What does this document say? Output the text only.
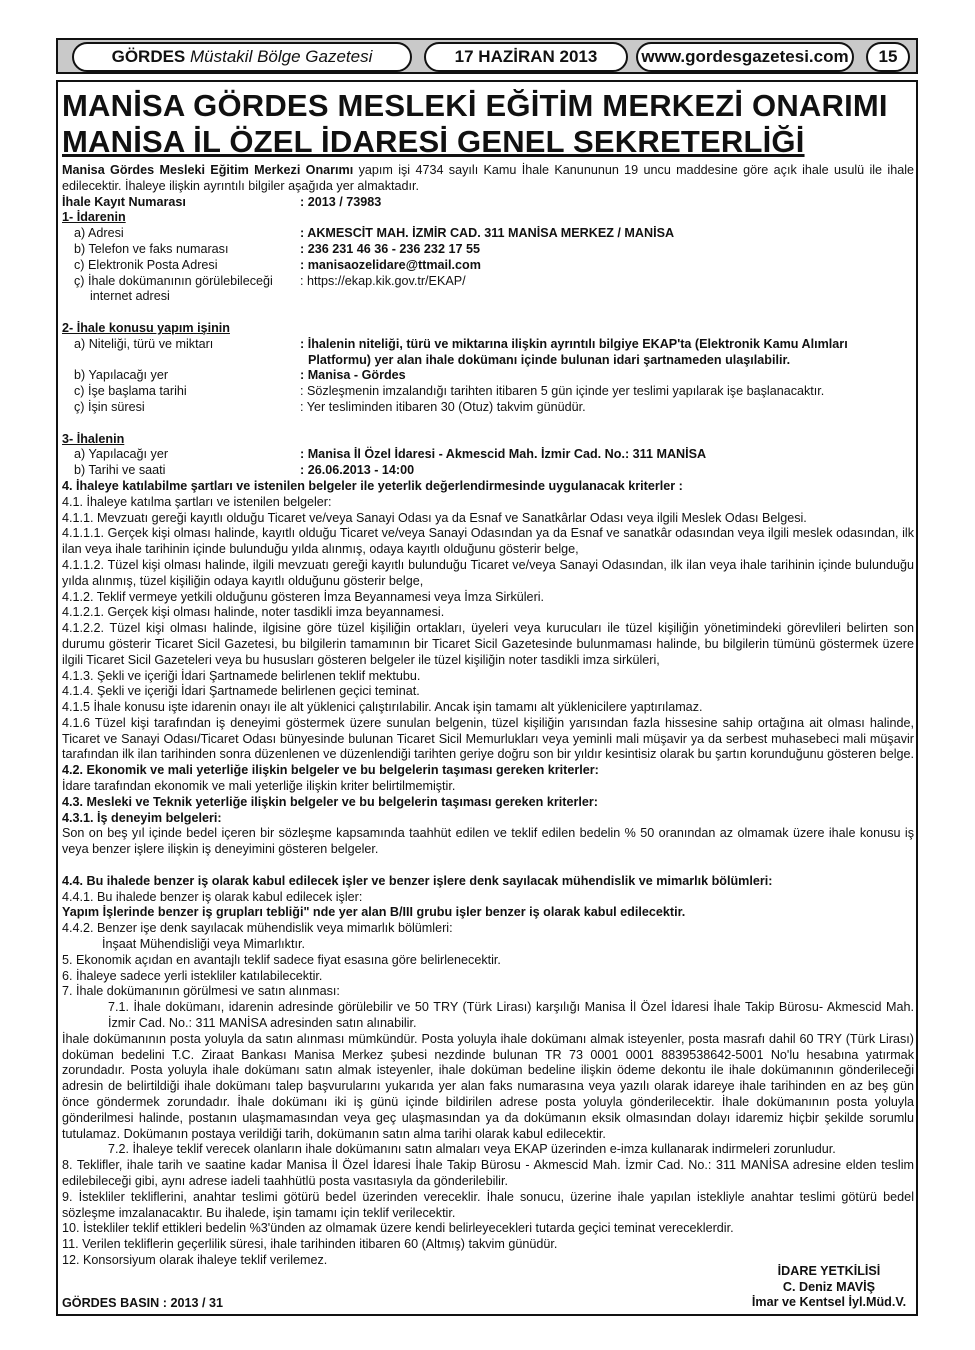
GÖRDES
Müstakil Bölge Gazetesi	17 HAZİRAN 2013	www.gordesgazetesi.com	15
MANİSA GÖRDES MESLEKİ EĞİTİM MERKEZİ ONARIMI
MANİSA İL ÖZEL İDARESİ GENEL SEKRETERLİĞİ

Manisa Gördes Mesleki Eğitim Merkezi Onarımı yapım işi 4734 sayılı Kamu İhale Kanununun 19 uncu maddesine göre açık ihale usulü ile ihale edilecektir. İhaleye ilişkin ayrıntılı bilgiler aşağıda yer almaktadır.

İhale Kayıt Numarası	: 2013 / 73983

1- İdarenin

a) Adresi	: AKMESCİT MAH. İZMİR CAD. 311 MANİSA MERKEZ / MANİSA
b) Telefon ve faks numarası	: 236 231 46 36 - 236 232 17 55
c) Elektronik Posta Adresi	: manisaozelidare@ttmail.com
ç) İhale dokümanının görülebileceği	: https://ekap.kik.gov.tr/EKAP/

internet adresi

2- İhale konusu yapım işinin

a) Niteliği, türü ve miktarı	: İhalenin niteliği, türü ve miktarına ilişkin ayrıntılı bilgiye EKAP'ta (Elektronik Kamu Alımları
Platformu) yer alan ihale dokümanı içinde bulunan idari şartnameden ulaşılabilir.
b) Yapılacağı yer	: Manisa - Gördes
c) İşe başlama tarihi	: Sözleşmenin imzalandığı tarihten itibaren 5 gün içinde yer teslimi yapılarak işe başlanacaktır.
ç) İşin süresi	: Yer tesliminden itibaren 30 (Otuz) takvim günüdür.

3- İhalenin

a) Yapılacağı yer	: Manisa İl Özel İdaresi - Akmescid Mah. İzmir Cad. No.: 311 MANİSA
b) Tarihi ve saati	: 26.06.2013 - 14:00

4. İhaleye katılabilme şartları ve istenilen belgeler ile yeterlik değerlendirmesinde uygulanacak kriterler :

4.1. İhaleye katılma şartları ve istenilen belgeler:

4.1.1. Mevzuatı gereği kayıtlı olduğu Ticaret ve/veya Sanayi Odası ya da Esnaf ve Sanatkârlar Odası veya ilgili Meslek Odası Belgesi.

4.1.1.1. Gerçek kişi olması halinde, kayıtlı olduğu Ticaret ve/veya Sanayi Odasından ya da Esnaf ve sanatkâr odasından veya ilgili meslek odasından, ilk ilan veya ihale tarihinin içinde bulunduğu yılda alınmış, odaya kayıtlı olduğunu gösterir belge,

4.1.1.2. Tüzel kişi olması halinde, ilgili mevzuatı gereği kayıtlı bulunduğu Ticaret ve/veya Sanayi Odasından, ilk ilan veya ihale tarihinin içinde bulunduğu yılda alınmış, tüzel kişiliğin odaya kayıtlı olduğunu gösterir belge,

4.1.2. Teklif vermeye yetkili olduğunu gösteren İmza Beyannamesi veya İmza Sirküleri.

4.1.2.1. Gerçek kişi olması halinde, noter tasdikli imza beyannamesi.

4.1.2.2. Tüzel kişi olması halinde, ilgisine göre tüzel kişiliğin ortakları, üyeleri veya kurucuları ile tüzel kişiliğin yönetimindeki görevlileri belirten son durumu gösterir Ticaret Sicil Gazetesi, bu bilgilerin tamamının bir Ticaret Sicil Gazetesinde bulunmaması halinde, bu bilgilerin tümünü göstermek üzere ilgili Ticaret Sicil Gazeteleri veya bu hususları gösteren belgeler ile tüzel kişiliğin noter tasdikli imza sirküleri,

4.1.3. Şekli ve içeriği İdari Şartnamede belirlenen teklif mektubu.

4.1.4. Şekli ve içeriği İdari Şartnamede belirlenen geçici teminat.

4.1.5 İhale konusu işte idarenin onayı ile alt yüklenici çalıştırılabilir. Ancak işin tamamı alt yüklenicilere yaptırılamaz.

4.1.6 Tüzel kişi tarafından iş deneyimi göstermek üzere sunulan belgenin, tüzel kişiliğin yarısından fazla hissesine sahip ortağına ait olması halinde, Ticaret ve Sanayi Odası/Ticaret Odası bünyesinde bulunan Ticaret Sicil Memurlukları veya yeminli mali müşavir ya da serbest muhasebeci mali müşavir tarafından ilk ilan tarihinden sonra düzenlenen ve düzenlendiği tarihten geriye doğru son bir yıldır kesintisiz olarak bu şartın korunduğunu gösteren belge.

4.2. Ekonomik ve mali yeterliğe ilişkin belgeler ve bu belgelerin taşıması gereken kriterler:

İdare tarafından ekonomik ve mali yeterliğe ilişkin kriter belirtilmemiştir.

4.3. Mesleki ve Teknik yeterliğe ilişkin belgeler ve bu belgelerin taşıması gereken kriterler:

4.3.1. İş deneyim belgeleri:

Son on beş yıl içinde bedel içeren bir sözleşme kapsamında taahhüt edilen ve teklif edilen bedelin % 50 oranından az olmamak üzere ihale konusu iş veya benzer işlere ilişkin iş deneyimini gösteren belgeler.

4.4. Bu ihalede benzer iş olarak kabul edilecek işler ve benzer işlere denk sayılacak mühendislik ve mimarlık bölümleri:

4.4.1. Bu ihalede benzer iş olarak kabul edilecek işler:

Yapım İşlerinde benzer iş grupları tebliği" nde yer alan B/III grubu işler benzer iş olarak kabul edilecektir.

4.4.2. Benzer işe denk sayılacak mühendislik veya mimarlık bölümleri:

İnşaat Mühendisliği veya Mimarlıktır.

5. Ekonomik açıdan en avantajlı teklif sadece fiyat esasına göre belirlenecektir.

6. İhaleye sadece yerli istekliler katılabilecektir.

7. İhale dokümanının görülmesi ve satın alınması:

7.1. İhale dokümanı, idarenin adresinde görülebilir ve 50 TRY (Türk Lirası) karşılığı Manisa İl Özel İdaresi İhale Takip Bürosu- Akmescid Mah. İzmir Cad. No.: 311 MANİSA adresinden satın alınabilir.

İhale dokümanının posta yoluyla da satın alınması mümkündür. Posta yoluyla ihale dokümanı almak isteyenler, posta masrafı dahil 60 TRY (Türk Lirası) doküman bedelini T.C. Ziraat Bankası Manisa Merkez şubesi nezdinde bulunan TR 73 0001 0001 8839538642-5001 No'lu hesabına yatırmak zorundadır. Posta yoluyla ihale dokümanı satın almak isteyenler, ihale doküman bedeline ilişkin ödeme dekontu ile ihale dokümanının gönderileceği adresin de belirtildiği ihale dokümanı talep başvurularını yukarıda yer alan faks numarasına veya yazılı olarak idareye ihale tarihinden en az beş gün önce göndermek zorundadır. İhale dokümanı iki iş günü içinde bildirilen adrese posta yoluyla gönderilecektir. İhale dokümanının posta yoluyla gönderilmesi halinde, postanın ulaşmamasından veya geç ulaşmasından ya da dokümanın eksik olmasından dolayı idaremiz hiçbir şekilde sorumlu tutulamaz. Dokümanın postaya verildiği tarih, dokümanın satın alma tarihi olarak kabul edilecektir.

7.2. İhaleye teklif verecek olanların ihale dokümanını satın almaları veya EKAP üzerinden e-imza kullanarak indirmeleri zorunludur.

8. Teklifler, ihale tarih ve saatine kadar Manisa İl Özel İdaresi İhale Takip Bürosu - Akmescid Mah. İzmir Cad. No.: 311 MANİSA adresine elden teslim edilebileceği gibi, aynı adrese iadeli taahhütlü posta vasıtasıyla da gönderilebilir.

9. İstekliler tekliflerini, anahtar teslimi götürü bedel üzerinden vereceklir. İhale sonucu, üzerine ihale yapılan istekliyle anahtar teslimi götürü bedel sözleşme imzalanacaktır. Bu ihalede, işin tamamı için teklif verilecektir.

10. İstekliler teklif ettikleri bedelin %3'ünden az olmamak üzere kendi belirleyecekleri tutarda geçici teminat vereceklerdir.

11. Verilen tekliflerin geçerlilik süresi, ihale tarihinden itibaren 60 (Altmış) takvim günüdür.

12. Konsorsiyum olarak ihaleye teklif verilemez.

İDARE YETKİLİSİ
C. Deniz MAVİŞ
İmar ve Kentsel İyl.Müd.V.
GÖRDES BASIN : 2013 / 31
